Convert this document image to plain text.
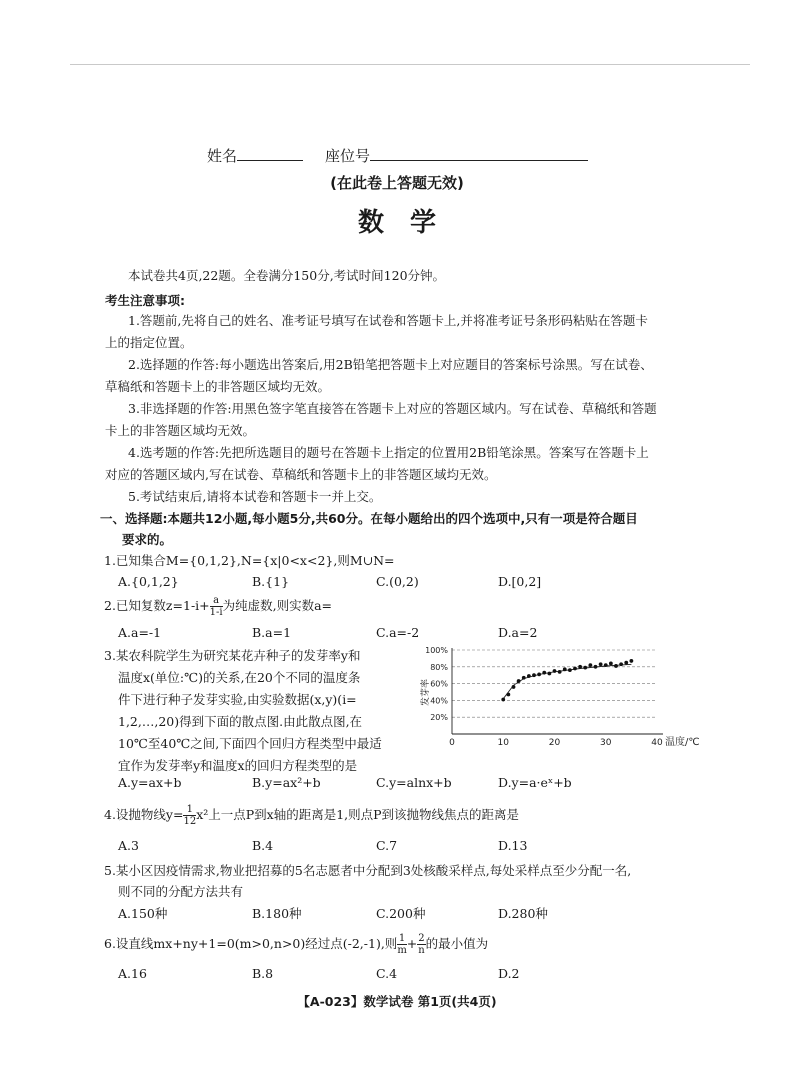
姓名	座位号
(在此卷上答题无效)
数学
本试卷共4页,22题。全卷满分150分,考试时间120分钟。
考生注意事项:
1.答题前,先将自己的姓名、准考证号填写在试卷和答题卡上,并将准考证号条形码粘贴在答题卡
上的指定位置。
2.选择题的作答:每小题选出答案后,用2B铅笔把答题卡上对应题目的答案标号涂黑。写在试卷、
草稿纸和答题卡上的非答题区域均无效。
3.非选择题的作答:用黑色签字笔直接答在答题卡上对应的答题区域内。写在试卷、草稿纸和答题
卡上的非答题区域均无效。
4.选考题的作答:先把所选题目的题号在答题卡上指定的位置用2B铅笔涂黑。答案写在答题卡上
对应的答题区域内,写在试卷、草稿纸和答题卡上的非答题区域均无效。
5.考试结束后,请将本试卷和答题卡一并上交。
一、选择题:本题共12小题,每小题5分,共60分。在每小题给出的四个选项中,只有一项是符合题目
要求的。
1.已知集合M={0,1,2},N={x|0<x<2},则M∪N=
A.{0,1,2}	B.{1}	C.(0,2)	D.[0,2]
2.已知复数$z=1-i+ \frac{a}{1-i}$ 为纯虚数,则实数a=
A.a=-1	B.a=1	C.a=-2	D.a=2
3.某农科院学生为研究某花卉种子的发芽率y和
温度x(单位:℃)的关系,在20个不同的温度条
件下进行种子发芽实验,由实验数据(x,y)(i=
1,2,…,20)得到下面的散点图.由此散点图,在
10℃至40℃之间,下面四个回归方程类型中最适
宜作为发芽率y和温度x的回归方程类型的是
发芽率
温度/℃
20%
40%
60%
80%
100%
0	10	20	30	40
A.y=ax+b	B.y=ax²+b	C.y=alnx+b	D.y=a·eˣ+b
4.设抛物线$y= \frac{1}{12} x^2$上一点P到x轴的距离是1,则点P到该抛物线焦点的距离是
A.3	B.4	C.7	D.13
5.某小区因疫情需求,物业把招募的5名志愿者中分配到3处核酸采样点,每处采样点至少分配一名,
则不同的分配方法共有
A.150种	B.180种	C.200种	D.280种
6.设直线mx+ny+1=0(m>0,n>0)经过点(-2,-1),则 $\frac{1}{m} + \frac{2}{n}$ 的最小值为
A.16	B.8	C.4	D.2
【A-023】数学试卷 第1页(共4页)
